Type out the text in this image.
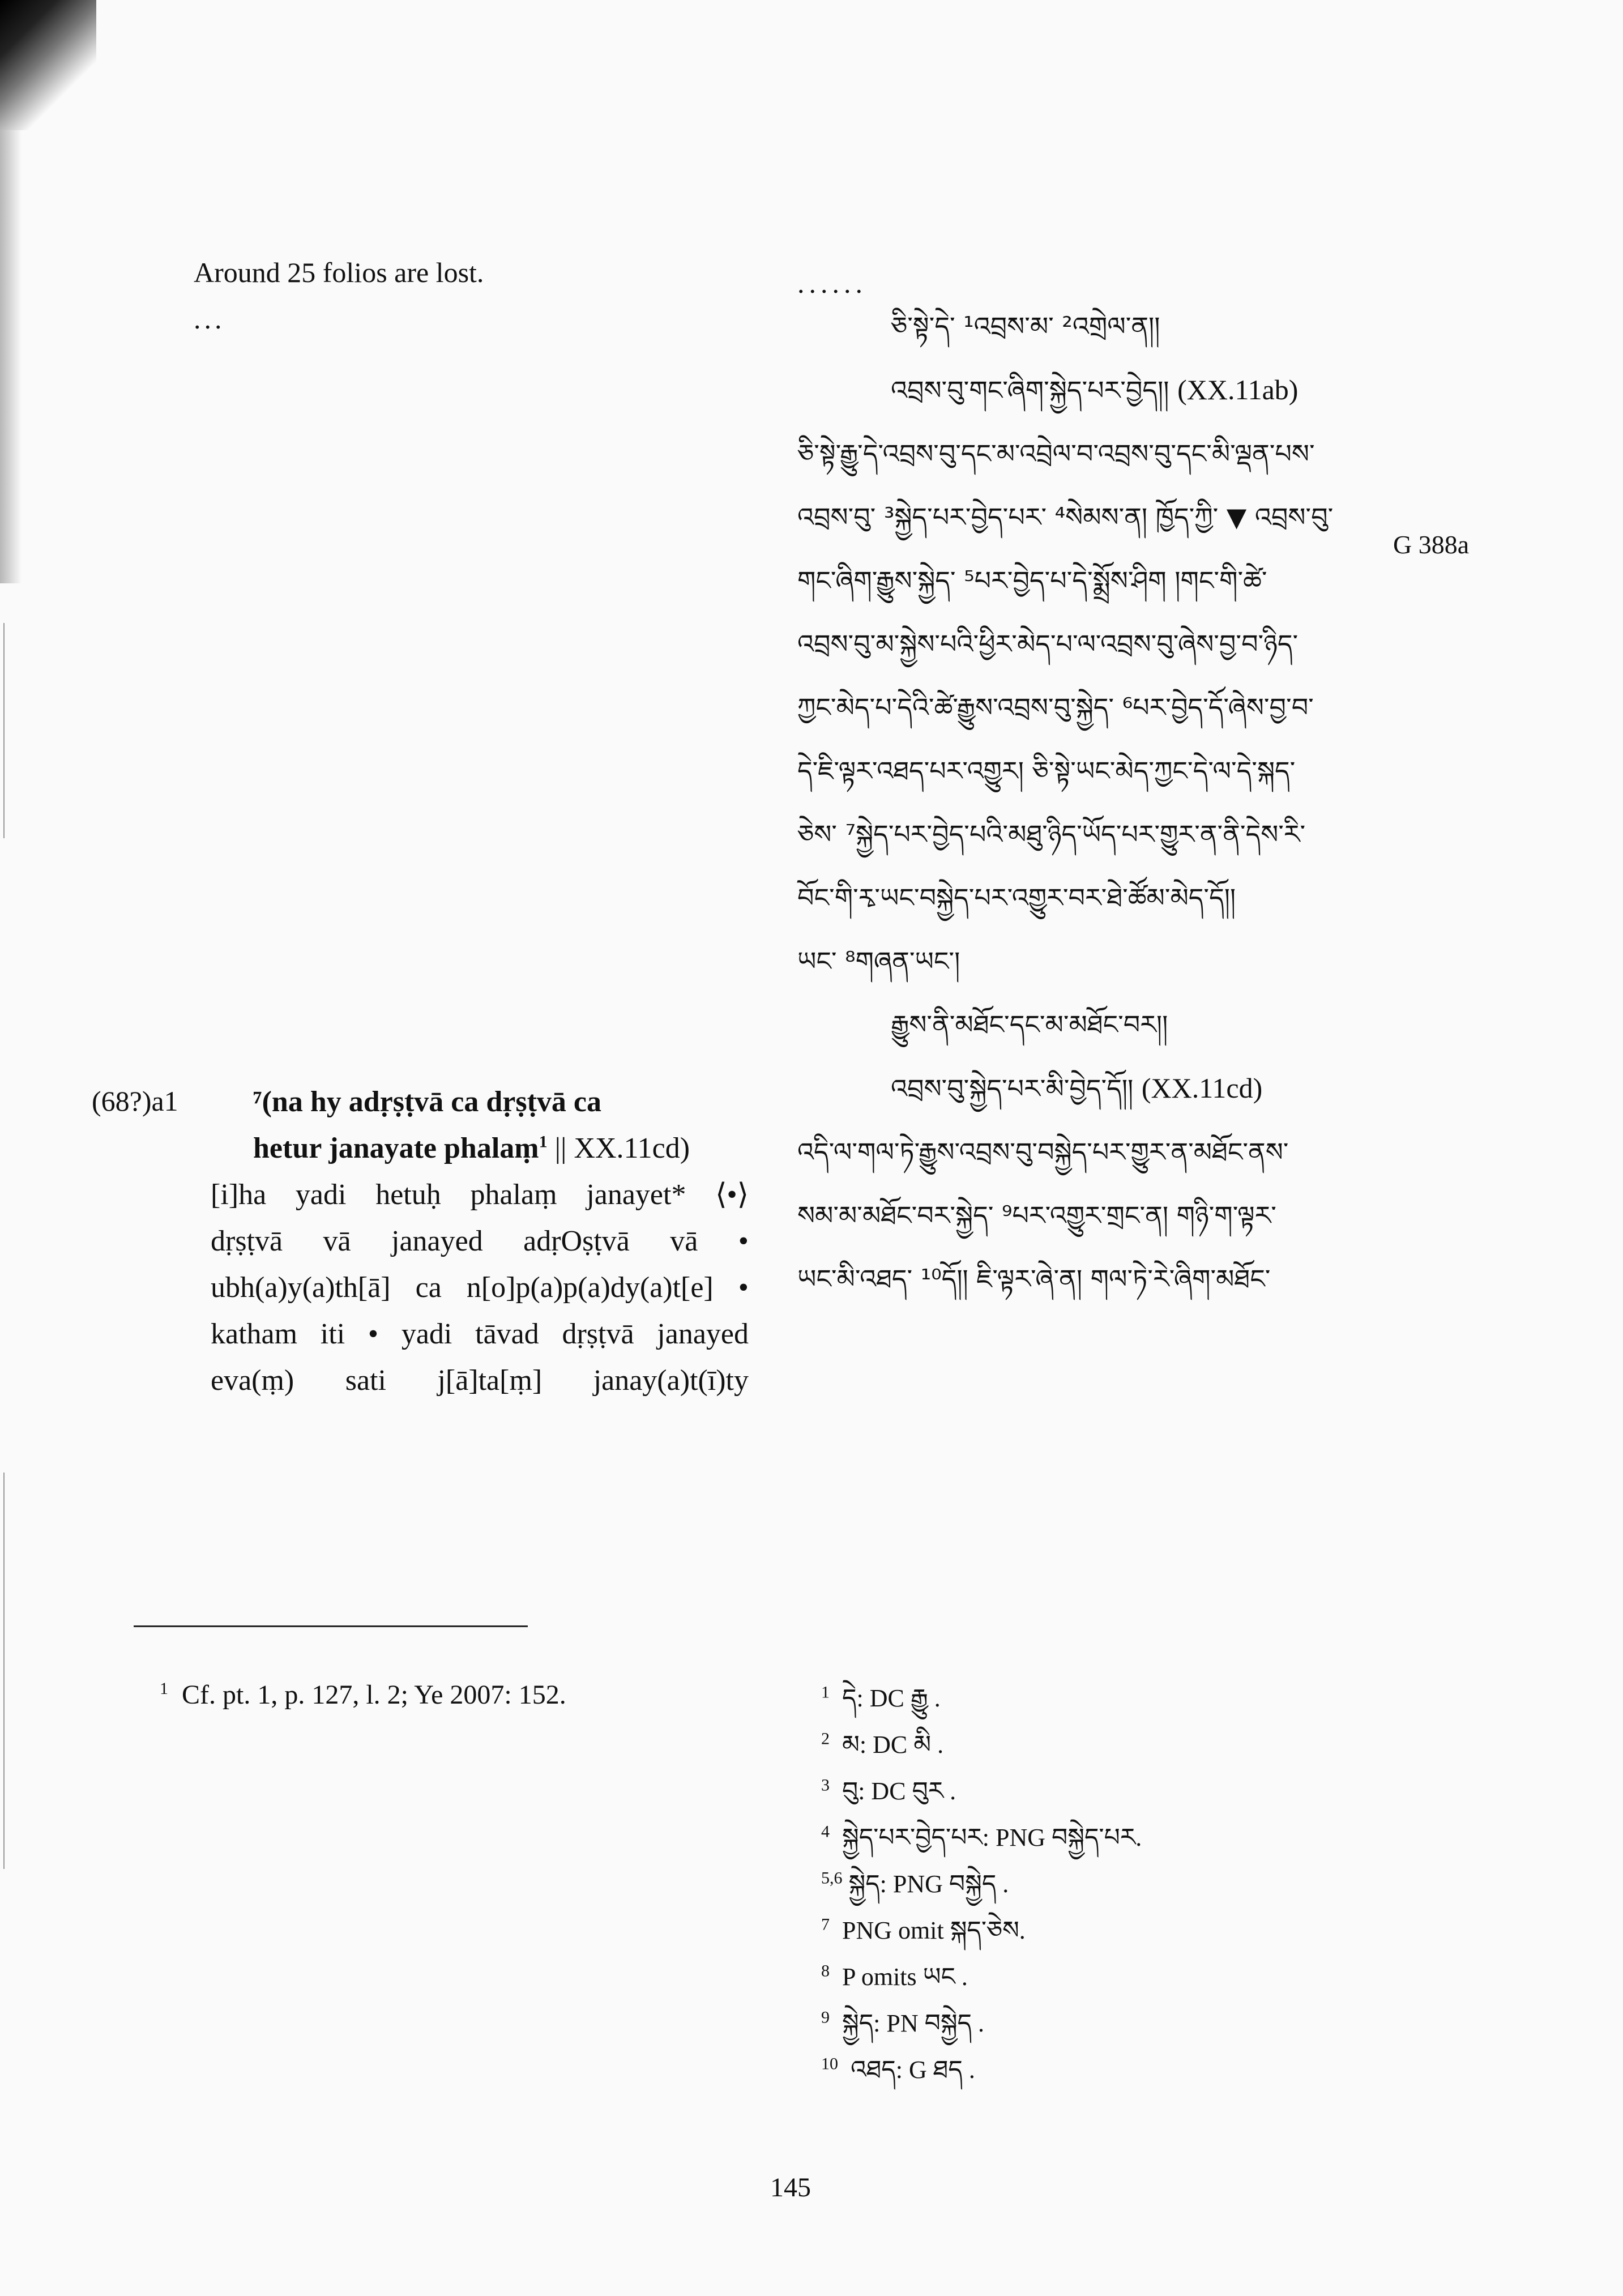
Around 25 folios are lost.

...

(68?)a1	⁷(na hy adṛṣṭvā ca dṛṣṭvā ca

hetur janayate phalaṃ$^1$ || XX.11cd)

[i]ha yadi hetuḥ phalaṃ janayet* ⟨•⟩

dṛṣṭvā vā janayed adṛOṣṭvā vā •

ubh(a)y(a)th[ā] ca n[o]p(a)p(a)dy(a)t[e] •

katham iti • yadi tāvad dṛṣṭvā janayed

eva(ṃ) sati j[ā]ta[ṃ] janay(a)t(ī)ty

......

ཅི་སྟེ་དེ་ ¹འབྲས་མ་ ²འགྲེལ་ན།།

འབྲས་བུ་གང་ཞིག་སྐྱེད་པར་བྱེད།། (XX.11ab)

ཅི་སྟེ་རྒྱུ་དེ་འབྲས་བུ་དང་མ་འབྲེལ་བ་འབྲས་བུ་དང་མི་ལྡན་པས་

འབྲས་བུ་ ³སྐྱེད་པར་བྱེད་པར་ ⁴སེམས་ན། ཁྱོད་ཀྱི་ ▼ འབྲས་བུ་

གང་ཞིག་རྒྱུས་སྐྱེད་ ⁵པར་བྱེད་པ་དེ་སྨྲོས་ཤིག །གང་གི་ཚེ་

འབྲས་བུ་མ་སྐྱེས་པའི་ཕྱིར་མེད་པ་ལ་འབྲས་བུ་ཞེས་བྱ་བ་ཉིད་

ཀྱང་མེད་པ་དེའི་ཚེ་རྒྱུས་འབྲས་བུ་སྐྱེད་ ⁶པར་བྱེད་དོ་ཞེས་བྱ་བ་

དེ་ཇི་ལྟར་འཐད་པར་འགྱུར། ཅི་སྟེ་ཡང་མེད་ཀྱང་དེ་ལ་དེ་སྐད་

ཅེས་ ⁷སྐྱེད་པར་བྱེད་པའི་མཐུ་ཉིད་ཡོད་པར་གྱུར་ན་ནི་དེས་རི་

བོང་གི་རྭ་ཡང་བསྐྱེད་པར་འགྱུར་བར་ཐེ་ཚོམ་མེད་དོ།།

ཡང་ ⁸གཞན་ཡང་།

རྒྱུས་ནི་མཐོང་དང་མ་མཐོང་བར།།

འབྲས་བུ་སྐྱེད་པར་མི་བྱེད་དོ།། (XX.11cd)

འདི་ལ་གལ་ཏེ་རྒྱུས་འབྲས་བུ་བསྐྱེད་པར་གྱུར་ན་མཐོང་ནས་

སམ་མ་མཐོང་བར་སྐྱེད་ ⁹པར་འགྱུར་གྲང་ན། གཉི་ག་ལྟར་

ཡང་མི་འཐད་ ¹⁰དོ།། ཇི་ལྟར་ཞེ་ན། གལ་ཏེ་རེ་ཞིག་མཐོང་

G 388a
$^1$ Cf. pt. 1, p. 127, l. 2; Ye 2007: 152.	$^1$ དེ: DC རྒྱུ .

$^2$ མ: DC མི .

$^3$ བུ: DC བུར .

$^4$ སྐྱེད་པར་བྱེད་པར: PNG བསྐྱེད་པར.

$^{5,6}$ སྐྱེད: PNG བསྐྱེད .

$^7$ PNG omit སྐད་ཅེས.

$^8$ P omits ཡང .

$^9$ སྐྱེད: PN བསྐྱེད .

$^{10}$ འཐད: G ཐད .

145
